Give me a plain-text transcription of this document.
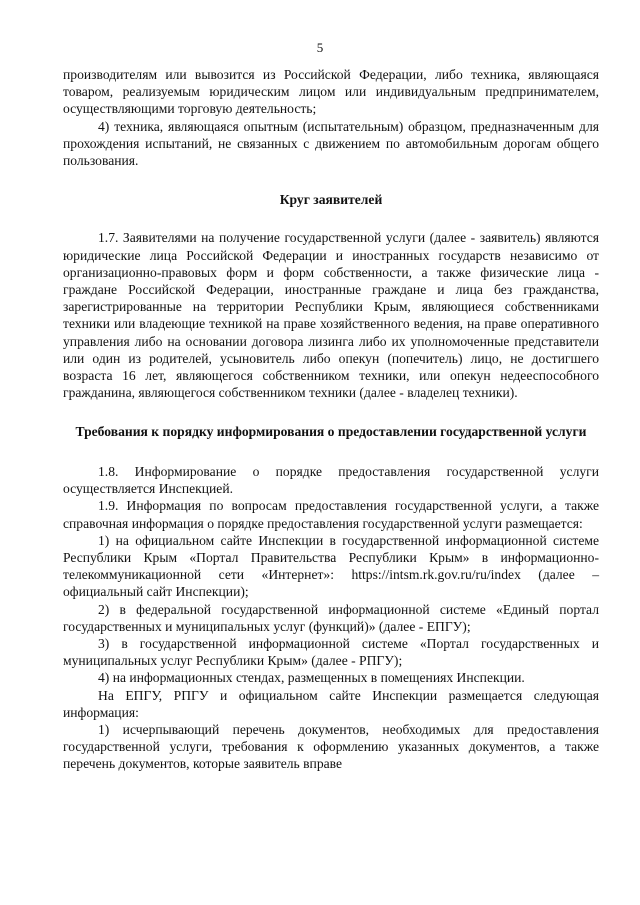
5

производителям или вывозится из Российской Федерации, либо техника, являющаяся товаром, реализуемым юридическим лицом или индивидуальным предпринимателем, осуществляющими торговую деятельность;

4) техника, являющаяся опытным (испытательным) образцом, предназначенным для прохождения испытаний, не связанных с движением по автомобильным дорогам общего пользования.

Круг заявителей

1.7. Заявителями на получение государственной услуги (далее - заявитель) являются юридические лица Российской Федерации и иностранных государств независимо от организационно-правовых форм и форм собственности, а также физические лица - граждане Российской Федерации, иностранные граждане и лица без гражданства, зарегистрированные на территории Республики Крым, являющиеся собственниками техники или владеющие техникой на праве хозяйственного ведения, на праве оперативного управления либо на основании договора лизинга либо их уполномоченные представители или один из родителей, усыновитель либо опекун (попечитель) лицо, не достигшего возраста 16 лет, являющегося собственником техники, или опекун недееспособного гражданина, являющегося собственником техники (далее - владелец техники).

Требования к порядку информирования о предоставлении государственной услуги

1.8. Информирование о порядке предоставления государственной услуги осуществляется Инспекцией.

1.9. Информация по вопросам предоставления государственной услуги, а также справочная информация о порядке предоставления государственной услуги размещается:

1) на официальном сайте Инспекции в государственной информационной системе Республики Крым «Портал Правительства Республики Крым» в информационно-телекоммуникационной сети «Интернет»: https://intsm.rk.gov.ru/ru/index (далее – официальный сайт Инспекции);

2) в федеральной государственной информационной системе «Единый портал государственных и муниципальных услуг (функций)» (далее - ЕПГУ);

3) в государственной информационной системе «Портал государственных и муниципальных услуг Республики Крым» (далее - РПГУ);

4) на информационных стендах, размещенных в помещениях Инспекции.

На ЕПГУ, РПГУ и официальном сайте Инспекции размещается следующая информация:

1) исчерпывающий перечень документов, необходимых для предоставления государственной услуги, требования к оформлению указанных документов, а также перечень документов, которые заявитель вправе
